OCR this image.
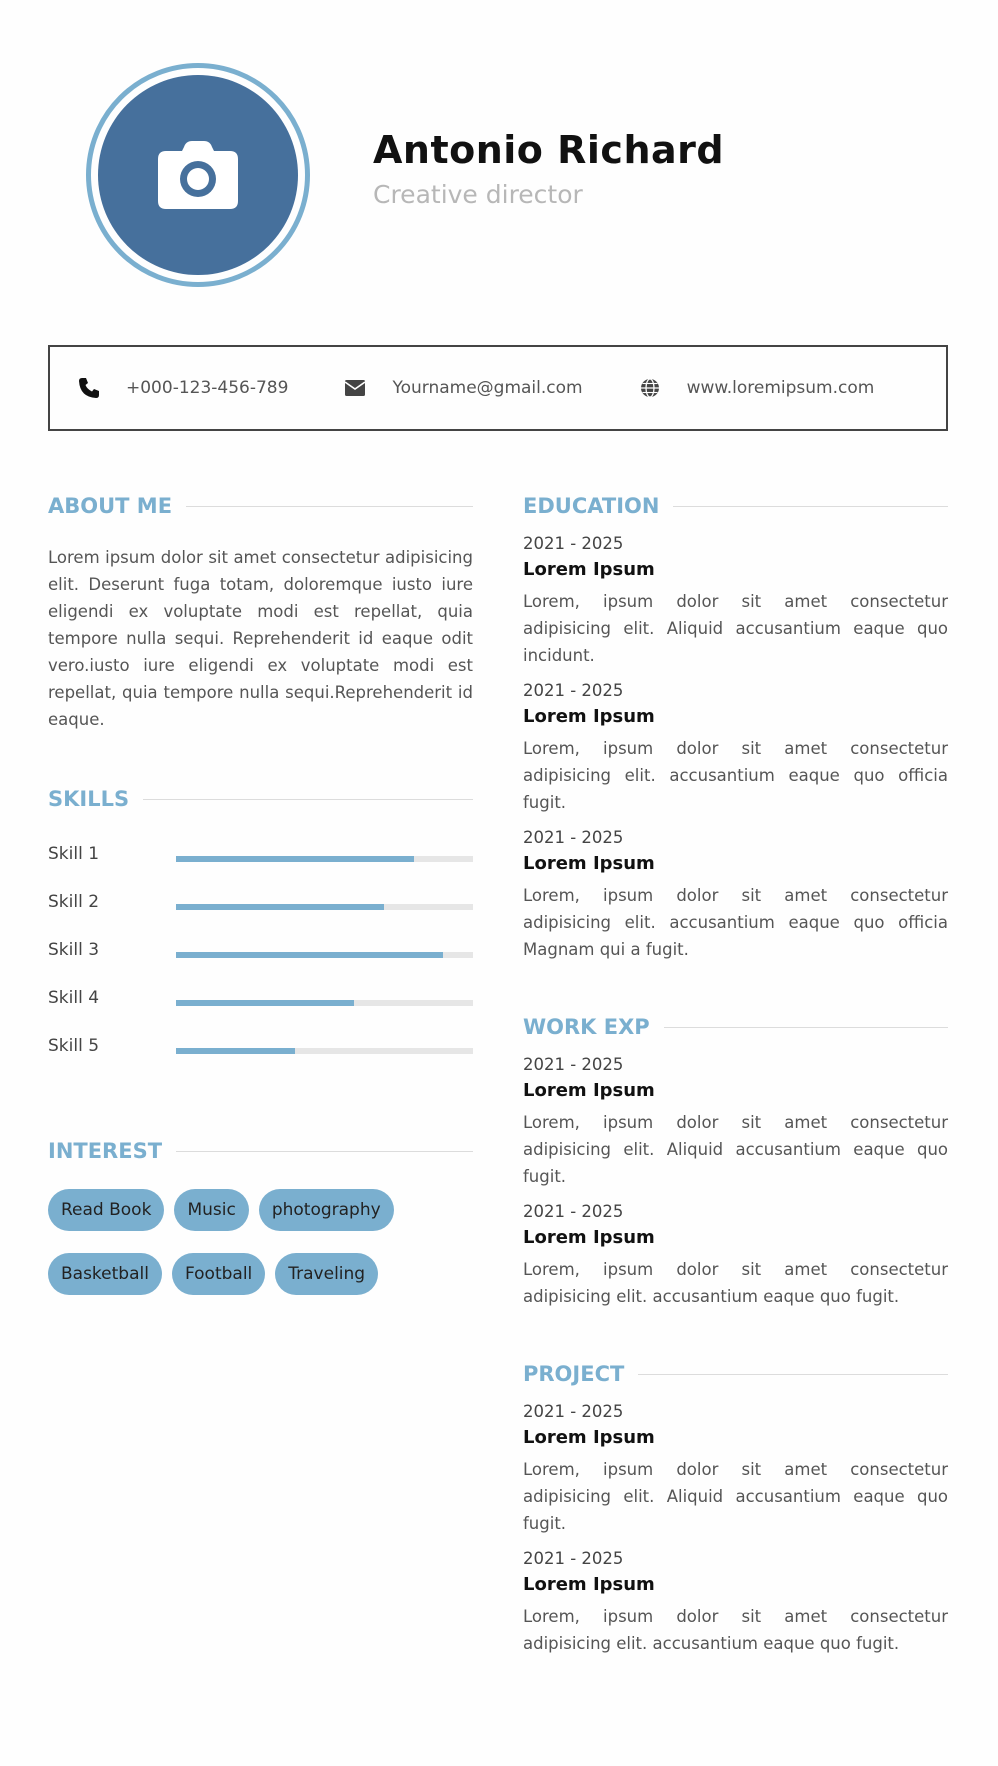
Antonio Richard
Creative director
+000-123-456-789	Yourname@gmail.com	www.loremipsum.com
ABOUT ME

Lorem ipsum dolor sit amet consectetur adipisicing elit. Deserunt fuga totam, doloremque iusto iure eligendi ex voluptate modi est repellat, quia tempore nulla sequi. Reprehenderit id eaque odit vero.iusto iure eligendi ex voluptate modi est repellat, quia tempore nulla sequi.Reprehenderit id eaque.

SKILLS
Skill 1
Skill 2
Skill 3
Skill 4
Skill 5
INTEREST
Read Book	Music	photography
Basketball	Football	Traveling
EDUCATION
2021 - 2025
Lorem Ipsum
Lorem, ipsum dolor sit amet consectetur adipisicing elit. Aliquid accusantium eaque quo incidunt.
2021 - 2025
Lorem Ipsum
Lorem, ipsum dolor sit amet consectetur adipisicing elit. accusantium eaque quo officia fugit.
2021 - 2025
Lorem Ipsum
Lorem, ipsum dolor sit amet consectetur adipisicing elit. accusantium eaque quo officia Magnam qui a fugit.
WORK EXP
2021 - 2025
Lorem Ipsum
Lorem, ipsum dolor sit amet consectetur adipisicing elit. Aliquid accusantium eaque quo fugit.
2021 - 2025
Lorem Ipsum
Lorem, ipsum dolor sit amet consectetur adipisicing elit. accusantium eaque quo fugit.
PROJECT
2021 - 2025
Lorem Ipsum
Lorem, ipsum dolor sit amet consectetur adipisicing elit. Aliquid accusantium eaque quo fugit.
2021 - 2025
Lorem Ipsum
Lorem, ipsum dolor sit amet consectetur adipisicing elit. accusantium eaque quo fugit.
